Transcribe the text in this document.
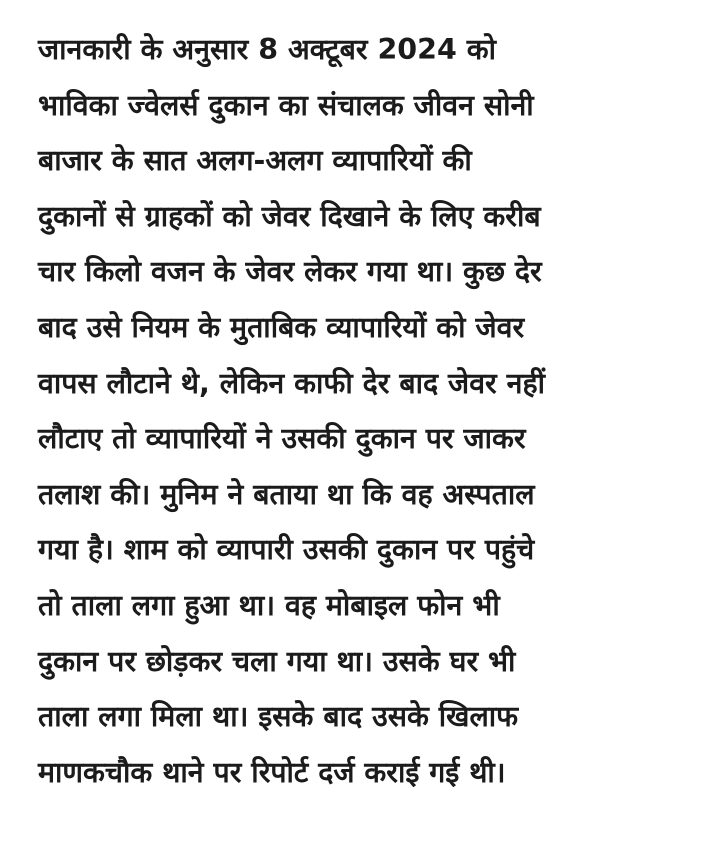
जानकारी के अनुसार 8 अक्टूबर 2024 को
भाविका ज्वेलर्स दुकान का संचालक जीवन सोनी
बाजार के सात अलग-अलग व्यापारियों की
दुकानों से ग्राहकों को जेवर दिखाने के लिए करीब
चार किलो वजन के जेवर लेकर गया था। कुछ देर
बाद उसे नियम के मुताबिक व्यापारियों को जेवर
वापस लौटाने थे, लेकिन काफी देर बाद जेवर नहीं
लौटाए तो व्यापारियों ने उसकी दुकान पर जाकर
तलाश की। मुनिम ने बताया था कि वह अस्पताल
गया है। शाम को व्यापारी उसकी दुकान पर पहुंचे
तो ताला लगा हुआ था। वह मोबाइल फोन भी
दुकान पर छोड़कर चला गया था। उसके घर भी
ताला लगा मिला था। इसके बाद उसके खिलाफ
माणकचौक थाने पर रिपोर्ट दर्ज कराई गई थी।
